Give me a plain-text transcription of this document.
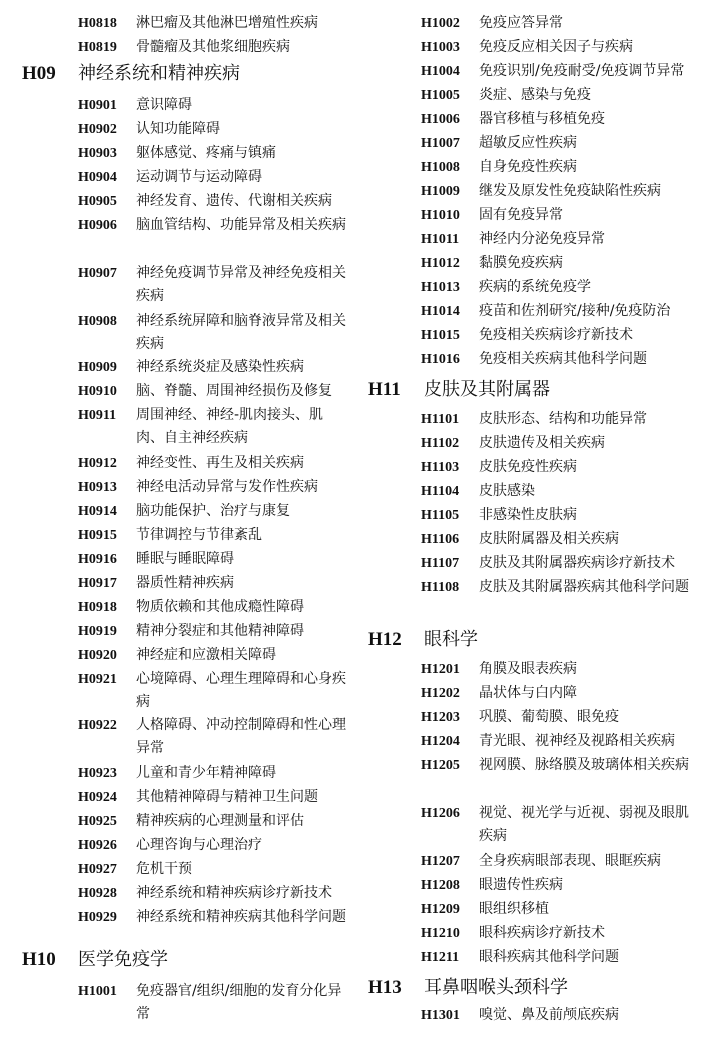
H0818 淋巴瘤及其他淋巴增殖性疾病
H0819 骨髓瘤及其他浆细胞疾病
H09 神经系统和精神疾病
H0901 意识障碍
H0902 认知功能障碍
H0903 躯体感觉、疼痛与镇痛
H0904 运动调节与运动障碍
H0905 神经发育、遗传、代谢相关疾病
H0906 脑血管结构、功能异常及相关疾病
H0907 神经免疫调节异常及神经免疫相关疾病
H0908 神经系统屏障和脑脊液异常及相关疾病
H0909 神经系统炎症及感染性疾病
H0910 脑、脊髓、周围神经损伤及修复
H0911 周围神经、神经-肌肉接头、肌肉、自主神经疾病
H0912 神经变性、再生及相关疾病
H0913 神经电活动异常与发作性疾病
H0914 脑功能保护、治疗与康复
H0915 节律调控与节律紊乱
H0916 睡眠与睡眠障碍
H0917 器质性精神疾病
H0918 物质依赖和其他成瘾性障碍
H0919 精神分裂症和其他精神障碍
H0920 神经症和应激相关障碍
H0921 心境障碍、心理生理障碍和心身疾病
H0922 人格障碍、冲动控制障碍和性心理异常
H0923 儿童和青少年精神障碍
H0924 其他精神障碍与精神卫生问题
H0925 精神疾病的心理测量和评估
H0926 心理咨询与心理治疗
H0927 危机干预
H0928 神经系统和精神疾病诊疗新技术
H0929 神经系统和精神疾病其他科学问题
H10 医学免疫学
H1001 免疫器官/组织/细胞的发育分化异常
H1002 免疫应答异常
H1003 免疫反应相关因子与疾病
H1004 免疫识别/免疫耐受/免疫调节异常
H1005 炎症、感染与免疫
H1006 器官移植与移植免疫
H1007 超敏反应性疾病
H1008 自身免疫性疾病
H1009 继发及原发性免疫缺陷性疾病
H1010 固有免疫异常
H1011 神经内分泌免疫异常
H1012 黏膜免疫疾病
H1013 疾病的系统免疫学
H1014 疫苗和佐剂研究/接种/免疫防治
H1015 免疫相关疾病诊疗新技术
H1016 免疫相关疾病其他科学问题
H11 皮肤及其附属器
H1101 皮肤形态、结构和功能异常
H1102 皮肤遗传及相关疾病
H1103 皮肤免疫性疾病
H1104 皮肤感染
H1105 非感染性皮肤病
H1106 皮肤附属器及相关疾病
H1107 皮肤及其附属器疾病诊疗新技术
H1108 皮肤及其附属器疾病其他科学问题
H12 眼科学
H1201 角膜及眼表疾病
H1202 晶状体与白内障
H1203 巩膜、葡萄膜、眼免疫
H1204 青光眼、视神经及视路相关疾病
H1205 视网膜、脉络膜及玻璃体相关疾病
H1206 视觉、视光学与近视、弱视及眼肌疾病
H1207 全身疾病眼部表现、眼眶疾病
H1208 眼遗传性疾病
H1209 眼组织移植
H1210 眼科疾病诊疗新技术
H1211 眼科疾病其他科学问题
H13 耳鼻咽喉头颈科学
H1301 嗅觉、鼻及前颅底疾病
